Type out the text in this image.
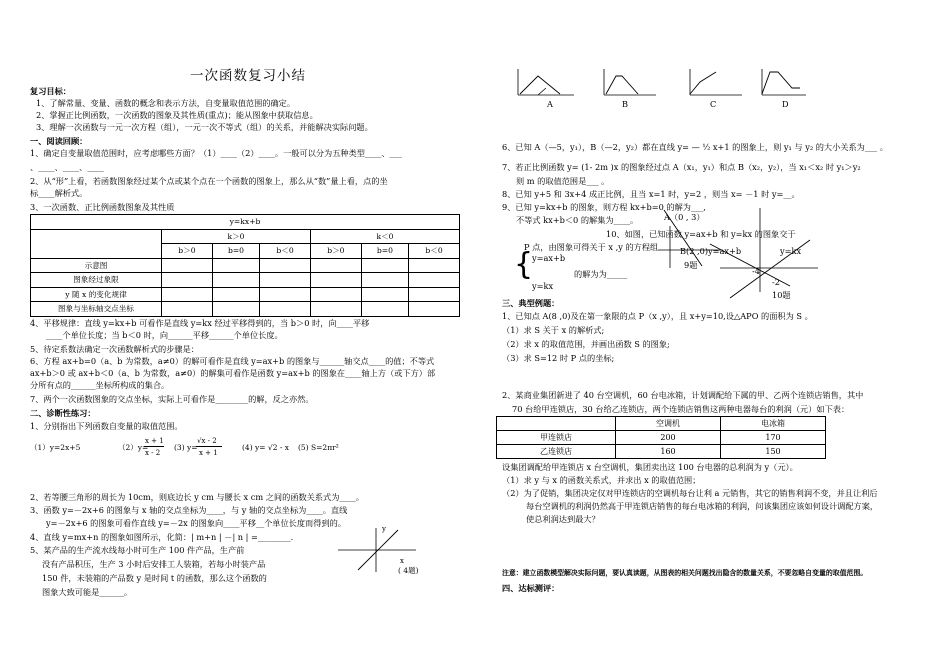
一次函数复习小结
复习目标：
1、了解常量、变量、函数的概念和表示方法，自变量取值范围的确定。
2、掌握正比例函数，一次函数的图象及其性质(重点)；能从图象中获取信息。
3、理解一次函数与一元一次方程（组），一元一次不等式（组）的关系，并能解决实际问题。
一、阅读回顾：
1、确定自变量取值范围时，应考虑哪些方面？（1）____（2）____。一般可以分为五种类型____、___
、____、____、____
2、从“形”上看，若函数图象经过某个点或某个点在一个函数的图象上，那么从“数”量上看，点的坐
标____解析式。
3、一次函数、正比例函数图象及其性质
y=kx+b						
	k＞0			k＜0		
	b＞0	b=0	b＜0	b＞0	b=0	b＜0
示意图						
图象经过象限						
y 随 x 的变化规律						
图象与坐标轴交点坐标						
4、平移规律：直线 y=kx+b 可看作是直线 y=kx 经过平移得到的，当 b＞0 时，向____平移
____个单位长度；当 b＜0 时，向______平移______个单位长度。
5、待定系数法确定一次函数解析式的步骤是：
6、方程 ax+b=0（a、b 为常数，a≠0）的解可看作是直线 y=ax+b 的图象与______轴交点____的值；不等式
ax+b＞0 或 ax+b＜0（a、b 为常数，a≠0）的解集可看作是函数 y=ax+b 的图象在____轴上方（或下方）部
分所有点的______坐标所构成的集合。
7、两个一次函数图象的交点坐标，实际上可看作是________的解，反之亦然。
二、诊断性练习：
1、分别指出下列函数自变量的取值范围。
（1）y=2x+5	（2）y=
x + 1
x - 2
(3) y=
√x - 2
x + 1
(4) y= √2 - x (5) S=2πr²
2、若等腰三角形的周长为 10cm，则底边长 y cm 与腰长 x cm 之间的函数关系式为____。
3、函数 y=－2x+6 的图象与 x 轴的交点坐标为____，与 y 轴的交点坐标为____。直线
y=－2x+6 的图象可看作直线 y=－2x 的图象向____平移__个单位长度而得到的。
4、直线 y=mx+n 的图象如图所示，化简：| m+n | －| n | =________.
5、某产品的生产流水线每小时可生产 100 件产品，生产前
没有产品积压，生产 3 小时后安排工人装箱，若每小时装产品
150 件，未装箱的产品数 y 是时间 t 的函数，那么这个函数的
图象大致可能是______。
y
x
( 4题)
A	B	C	D
6、已知 A（—5，y₁），B（—2，y₂）都在直线 y= — ½ x+1 的图象上，则 y₁ 与 y₂ 的大小关系为___ 。
7、若正比例函数 y= (1- 2m )x 的图象经过点 A（x₁，y₁）和点 B（x₂，y₂），当 x₁＜x₂ 时 y₁＞y₂
则 m 的取值范围是___ 。
8、已知 y+5 和 3x+4 成正比例，且当 x=1 时，y=2 ，则当 x= －1 时 y=__。
9、已知 y=kx+b 的图象，则方程 kx+b=0 的解为___,
不等式 kx+b＜0 的解集为____。
10、如图，已知函数 y=ax+b 和 y=kx 的图象交于
P 点，由图象可得关于 x ,y 的方程组
{
y=ax+b
y=kx
的解为为_____
A（0 , 3）
B(2 ,0) y=ax+b	y=kx
9题
-4
-2
10题
三、典型例题：
1、已知点 A(8 ,0)及在第一象限的点 P（x ,y），且 x+y=10,设△APO 的面积为 S 。
（1）求 S 关于 x 的解析式;
（2）求 x 的取值范围，并画出函数 S 的图象;
（3）求 S=12 时 P 点的坐标;
2、某商业集团新进了 40 台空调机，60 台电冰箱，计划调配给下属的甲、乙两个连锁店销售，其中
70 台给甲连锁店，30 台给乙连锁店，两个连锁店销售这两种电器每台的利润（元）如下表：
	空调机	电冰箱
甲连锁店	200	170
乙连锁店	160	150
设集团调配给甲连锁店 x 台空调机，集团卖出这 100 台电器的总利润为 y（元）。
（1）求 y 与 x 的函数关系式，并求出 x 的取值范围；
（2）为了促销，集团决定仅对甲连锁店的空调机每台让利 a 元销售，其它的销售利润不变，并且让利后
每台空调机的利润仍然高于甲连锁店销售的每台电冰箱的利润，问该集团应该如何设计调配方案，
使总利润达到最大？
注意：建立函数模型解决实际问题，要认真读题，从图表的相关问题找出隐含的数量关系，不要忽略自变量的取值范围。
四、达标测评：
